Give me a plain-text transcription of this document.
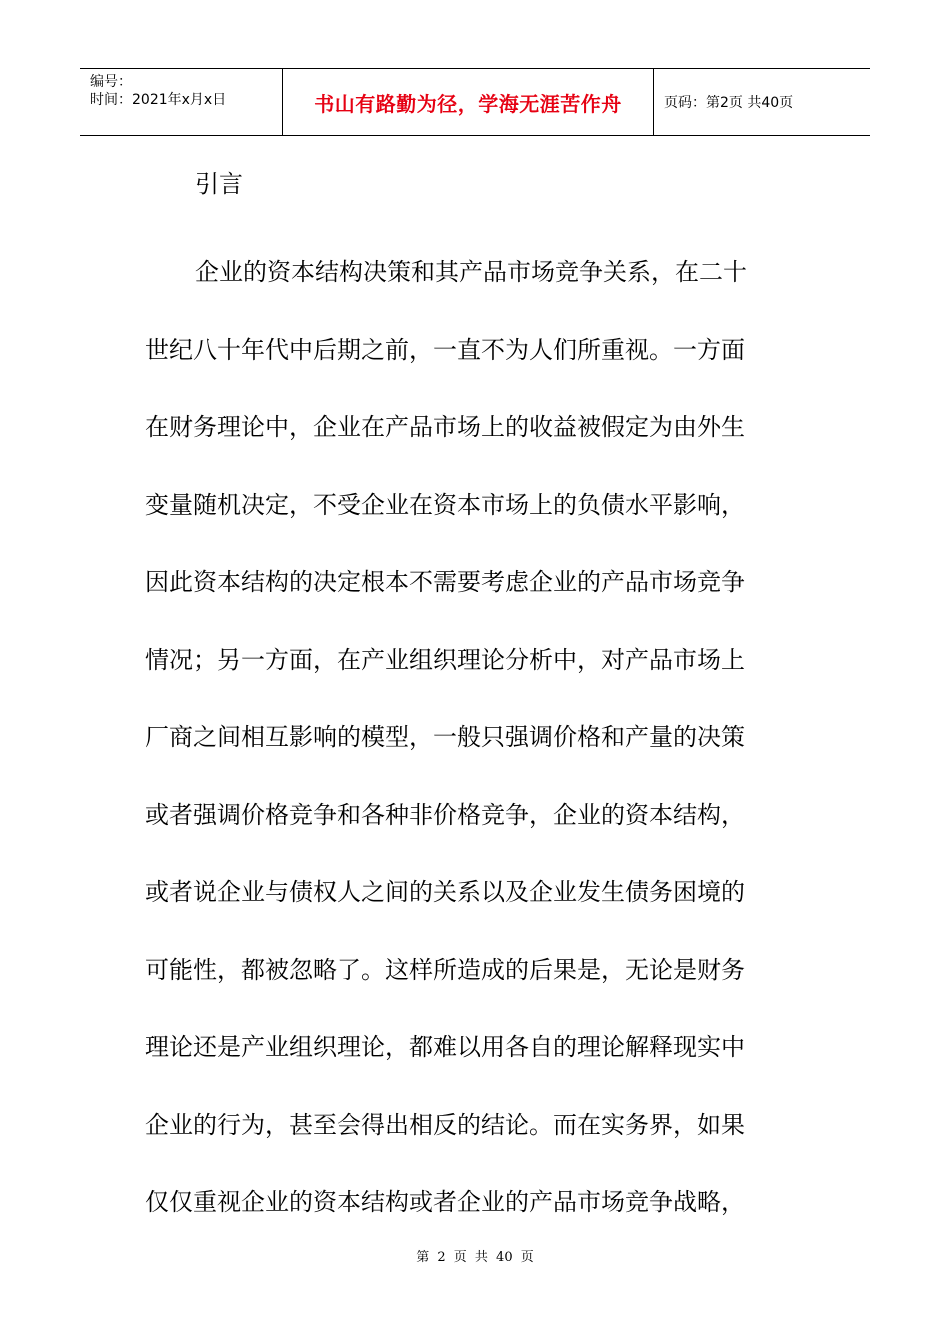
编号：
时间：2021年x月x日	书山有路勤为径，学海无涯苦作舟	页码：第2页 共40页
引言

企业的资本结构决策和其产品市场竞争关系，在二十
世纪八十年代中后期之前，一直不为人们所重视。一方面
在财务理论中，企业在产品市场上的收益被假定为由外生
变量随机决定，不受企业在资本市场上的负债水平影响，
因此资本结构的决定根本不需要考虑企业的产品市场竞争
情况；另一方面，在产业组织理论分析中，对产品市场上
厂商之间相互影响的模型，一般只强调价格和产量的决策
或者强调价格竞争和各种非价格竞争，企业的资本结构，
或者说企业与债权人之间的关系以及企业发生债务困境的
可能性，都被忽略了。这样所造成的后果是，无论是财务
理论还是产业组织理论，都难以用各自的理论解释现实中
企业的行为，甚至会得出相反的结论。而在实务界，如果
仅仅重视企业的资本结构或者企业的产品市场竞争战略，

第 2 页 共 40 页
